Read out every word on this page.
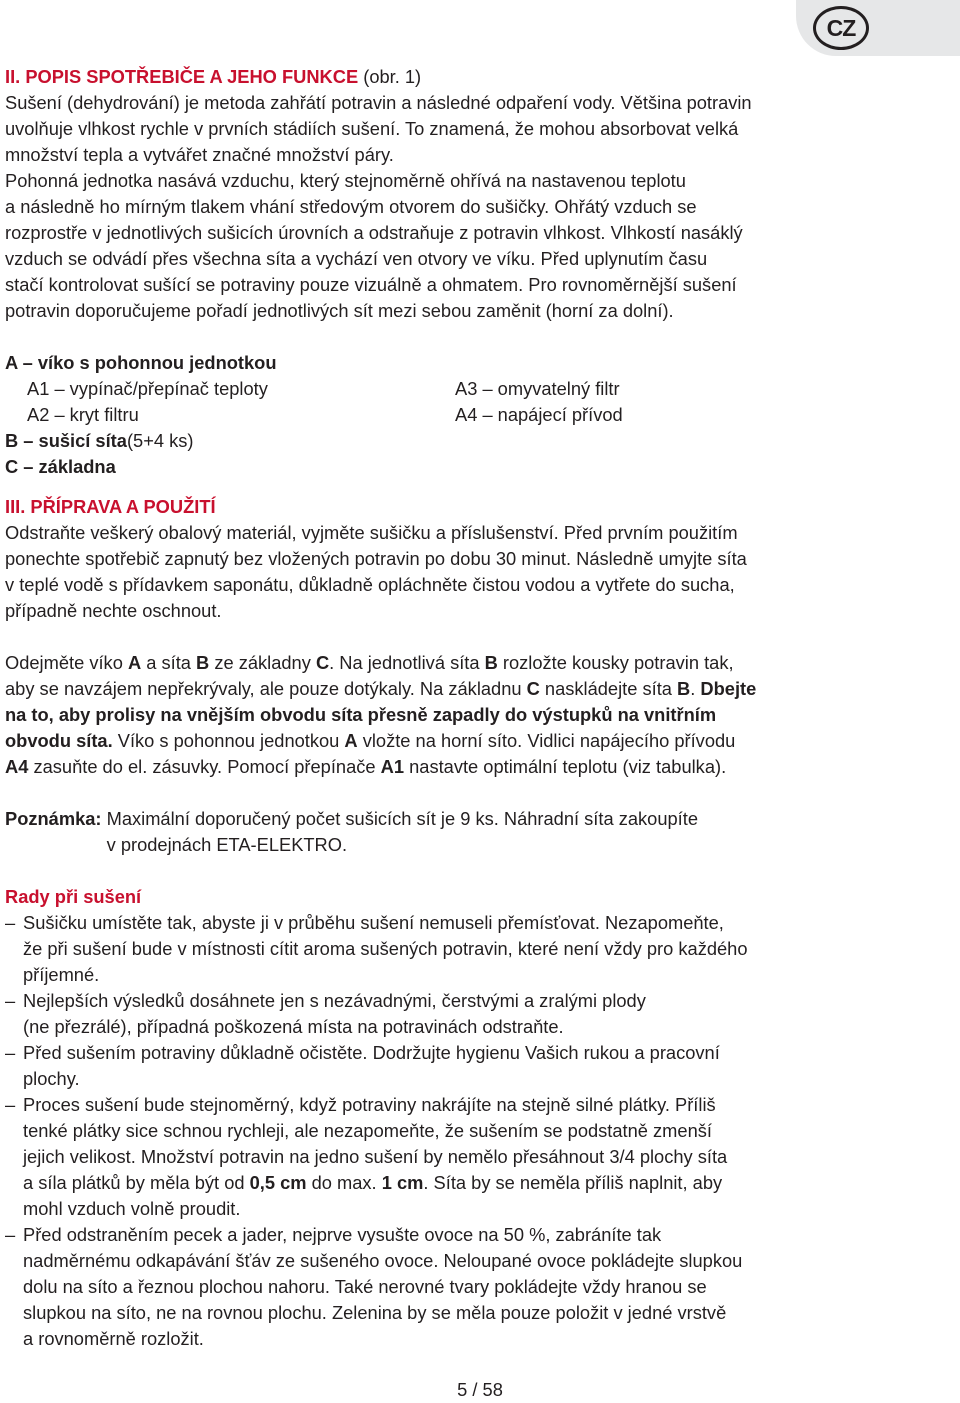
CZ

II. POPIS SPOTŘEBIČE A JEHO FUNKCE (obr. 1)

Sušení (dehydrování) je metoda zahřátí potravin a následné odpaření vody. Většina potravin

uvolňuje vlhkost rychle v prvních stádiích sušení. To znamená, že mohou absorbovat velká

množství tepla a vytvářet značné množství páry.

Pohonná jednotka nasává vzduchu, který stejnoměrně ohřívá na nastavenou teplotu

a následně ho mírným tlakem vhání středovým otvorem do sušičky. Ohřátý vzduch se

rozprostře v jednotlivých sušicích úrovních a odstraňuje z potravin vlhkost. Vlhkostí nasáklý

vzduch se odvádí přes všechna síta a vychází ven otvory ve víku. Před uplynutím času

stačí kontrolovat sušící se potraviny pouze vizuálně a ohmatem. Pro rovnoměrnější sušení

potravin doporučujeme pořadí jednotlivých sít mezi sebou zaměnit (horní za dolní).

A – víko s pohonnou jednotkou
A1 – vypínač/přepínač teploty	A3 – omyvatelný filtr
A2 – kryt filtru	A4 – napájecí přívod
B – sušicí síta (5+4 ks)
C – základna

III. PŘÍPRAVA A POUŽITÍ

Odstraňte veškerý obalový materiál, vyjměte sušičku a příslušenství. Před prvním použitím

ponechte spotřebič zapnutý bez vložených potravin po dobu 30 minut. Následně umyjte síta

v teplé vodě s přídavkem saponátu, důkladně opláchněte čistou vodou a vytřete do sucha,

případně nechte oschnout.

Odejměte víko A a síta B ze základny C. Na jednotlivá síta B rozložte kousky potravin tak,

aby se navzájem nepřekrývaly, ale pouze dotýkaly. Na základnu C naskládejte síta B. Dbejte

na to, aby prolisy na vnějším obvodu síta přesně zapadly do výstupků na vnitřním

obvodu síta. Víko s pohonnou jednotkou A vložte na horní síto. Vidlici napájecího přívodu

A4 zasuňte do el. zásuvky. Pomocí přepínače A1 nastavte optimální teplotu (viz tabulka).

Poznámka: Maximální doporučený počet sušicích sít je 9 ks. Náhradní síta zakoupíte
v prodejnách ETA-ELEKTRO.

Rady při sušení

– Sušičku umístěte tak, abyste ji v průběhu sušení nemuseli přemísťovat. Nezapomeňte,
že při sušení bude v místnosti cítit aroma sušených potravin, které není vždy pro každého
příjemné.
– Nejlepších výsledků dosáhnete jen s nezávadnými, čerstvými a zralými plody
(ne přezrálé), případná poškozená místa na potravinách odstraňte.
– Před sušením potraviny důkladně očistěte. Dodržujte hygienu Vašich rukou a pracovní
plochy.
– Proces sušení bude stejnoměrný, když potraviny nakrájíte na stejně silné plátky. Příliš
tenké plátky sice schnou rychleji, ale nezapomeňte, že sušením se podstatně zmenší
jejich velikost. Množství potravin na jedno sušení by nemělo přesáhnout 3/4 plochy síta
a síla plátků by měla být od 0,5 cm do max. 1 cm. Síta by se neměla příliš naplnit, aby
mohl vzduch volně proudit.
– Před odstraněním pecek a jader, nejprve vysušte ovoce na 50 %, zabráníte tak
nadměrnému odkapávání šťáv ze sušeného ovoce. Neloupané ovoce pokládejte slupkou
dolu na síto a řeznou plochou nahoru. Také nerovné tvary pokládejte vždy hranou se
slupkou na síto, ne na rovnou plochu. Zelenina by se měla pouze položit v jedné vrstvě
a rovnoměrně rozložit.
5 / 58
